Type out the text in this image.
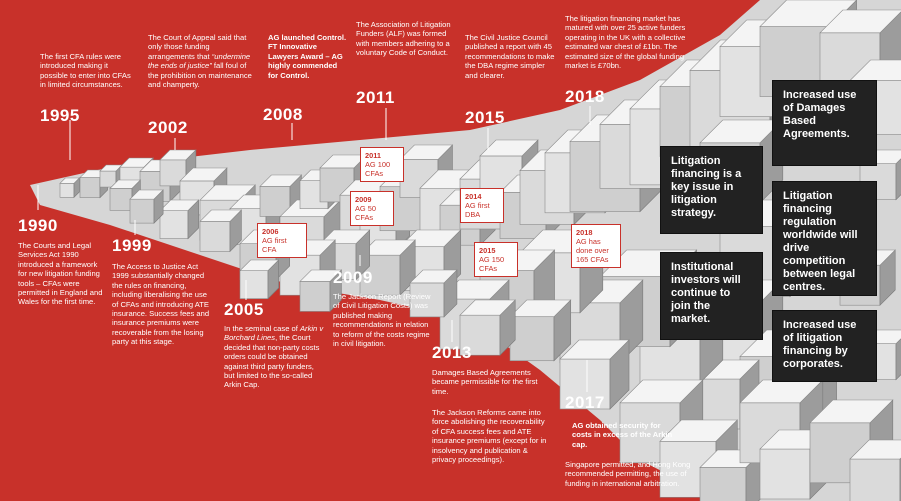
The first CFA rules were introduced making it possible to enter into CFAs in limited circumstances.
1995
The Court of Appeal said that only those funding arrangements that “undermine the ends of justice” fall foul of the prohibition on maintenance and champerty.
2002
AG launched Control. FT Innovative Lawyers Award – AG highly commended for Control.
2008
The Association of Litigation Funders (ALF) was formed with members adhering to a voluntary Code of Conduct.
2011
The Civil Justice Council published a report with 45 recommendations to make the DBA regime simpler and clearer.
2015
The litigation financing market has matured with over 25 active funders operating in the UK with a collective estimated war chest of £1bn. The estimated size of the global funding market is £70bn.
2018
1990
The Courts and Legal Services Act 1990 introduced a framework for new litigation funding tools – CFAs were permitted in England and Wales for the first time.
1999
The Access to Justice Act 1999 substantially changed the rules on financing, including liberalising the use of CFAs and introducing ATE insurance. Success fees and insurance premiums were recoverable from the losing party at this stage.
2005
In the seminal case of Arkin v Borchard Lines, the Court decided that non-party costs orders could be obtained against third party funders, but limited to the so-called Arkin Cap.
2009
The Jackson Report (Review of Civil Litigation Costs) was published making recommendations in relation to reform of the costs regime in civil litigation.	2013
Damages Based Agreements became permissible for the first time.
The Jackson Reforms came into force abolishing the recoverability of CFA success fees and ATE insurance premiums (except for in insolvency and publication & privacy proceedings).
2017
AG obtained security for costs in excess of the Arkin cap.
Singapore permitted, and Hong Kong recommended permitting, the use of funding in international arbitration.
2006
AG first CFA
2009
AG 50 CFAs
2011
AG 100 CFAs
2014
AG first DBA
2015
AG 150 CFAs
2018
AG has done over 165 CFAs
Litigation financing is a key issue in litigation strategy.
Institutional investors will continue to join the market.
Increased use of Damages Based Agreements.
Litigation financing regulation worldwide will drive competition between legal centres.
Increased use of litigation financing by corporates.
